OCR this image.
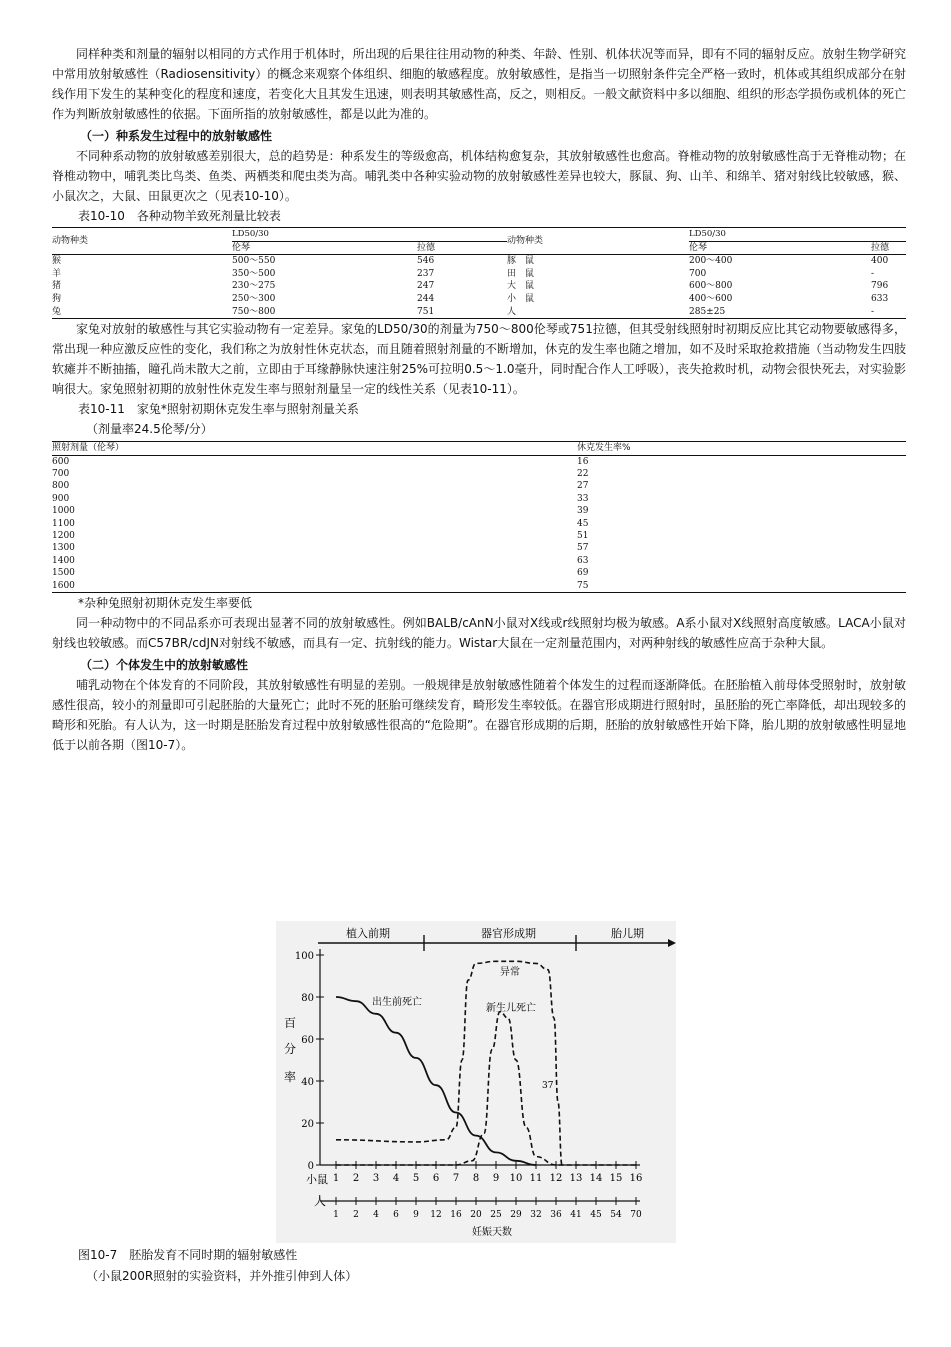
同样种类和剂量的辐射以相同的方式作用于机体时，所出现的后果往往用动物的种类、年龄、性别、机体状况等而异，即有不同的辐射反应。放射生物学研究中常用放射敏感性（Radiosensitivity）的概念来观察个体组织、细胞的敏感程度。放射敏感性，是指当一切照射条件完全严格一致时，机体或其组织成部分在射线作用下发生的某种变化的程度和速度，若变化大且其发生迅速，则表明其敏感性高，反之，则相反。一般文献资料中多以细胞、组织的形态学损伤或机体的死亡作为判断放射敏感性的依据。下面所指的放射敏感性，都是以此为准的。

（一）种系发生过程中的放射敏感性

不同种系动物的放射敏感差别很大，总的趋势是：种系发生的等级愈高，机体结构愈复杂，其放射敏感性也愈高。脊椎动物的放射敏感性高于无脊椎动物；在脊椎动物中，哺乳类比鸟类、鱼类、两栖类和爬虫类为高。哺乳类中各种实验动物的放射敏感性差异也较大，豚鼠、狗、山羊、和绵羊、猪对射线比较敏感，猴、小鼠次之，大鼠、田鼠更次之（见表10-10）。

表10-10　各种动物羊致死剂量比较表
动物种类	LD50/30		动物种类	LD50/30	
	伦琴	拉德		伦琴	拉德
猴	500～550	546	豚　鼠	200～400	400
羊	350～500	237	田　鼠	700	-
猪	230～275	247	大　鼠	600～800	796
狗	250～300	244	小　鼠	400～600	633
兔	750～800	751	人	285±25	-

家兔对放射的敏感性与其它实验动物有一定差异。家兔的LD50/30的剂量为750～800伦琴或751拉德，但其受射线照射时初期反应比其它动物要敏感得多，常出现一种应激反应性的变化，我们称之为放射性休克状态，而且随着照射剂量的不断增加，休克的发生率也随之增加，如不及时采取抢救措施（当动物发生四肢软瘫并不断抽搐，瞳孔尚未散大之前，立即由于耳缘静脉快速注射25%可拉明0.5～1.0毫升，同时配合作人工呼吸），丧失抢救时机，动物会很快死去，对实验影响很大。家兔照射初期的放射性休克发生率与照射剂量呈一定的线性关系（见表10-11）。

表10-11　家兔*照射初期休克发生率与照射剂量关系
（剂量率24.5伦琴/分）
照射剂量（伦琴）	休克发生率%
600	16
700	22
800	27
900	33
1000	39
1100	45
1200	51
1300	57
1400	63
1500	69
1600	75
*杂种兔照射初期休克发生率要低

同一种动物中的不同品系亦可表现出显著不同的放射敏感性。例如BALB/cAnN小鼠对X线或r线照射均极为敏感。A系小鼠对X线照射高度敏感。LACA小鼠对射线也较敏感。而C57BR/cdJN对射线不敏感，而具有一定、抗射线的能力。Wistar大鼠在一定剂量范围内，对两种射线的敏感性应高于杂种大鼠。

（二）个体发生中的放射敏感性

哺乳动物在个体发育的不同阶段，其放射敏感性有明显的差别。一般规律是放射敏感性随着个体发生的过程而逐渐降低。在胚胎植入前母体受照射时，放射敏感性很高，较小的剂量即可引起胚胎的大量死亡；此时不死的胚胎可继续发育，畸形发生率较低。在器官形成期进行照射时，虽胚胎的死亡率降低，却出现较多的畸形和死胎。有人认为，这一时期是胚胎发育过程中放射敏感性很高的“危险期”。在器官形成期的后期，胚胎的放射敏感性开始下降，胎儿期的放射敏感性明显地低于以前各期（图10-7）。

植入前期	器官形成期	胎儿期
百
分
率
0
20
40
60
80
100
1 2 3 4 5 6 7 8 9 10 11 12 13 14 15 16
1 2 4 6 9 12 16 20 25 29 32 36 41 45 54 70
出生前死亡
新生儿死亡
异常
37
小鼠
人
妊娠天数
图10-7　胚胎发育不同时期的辐射敏感性
（小鼠200R照射的实验资料，并外推引伸到人体）
